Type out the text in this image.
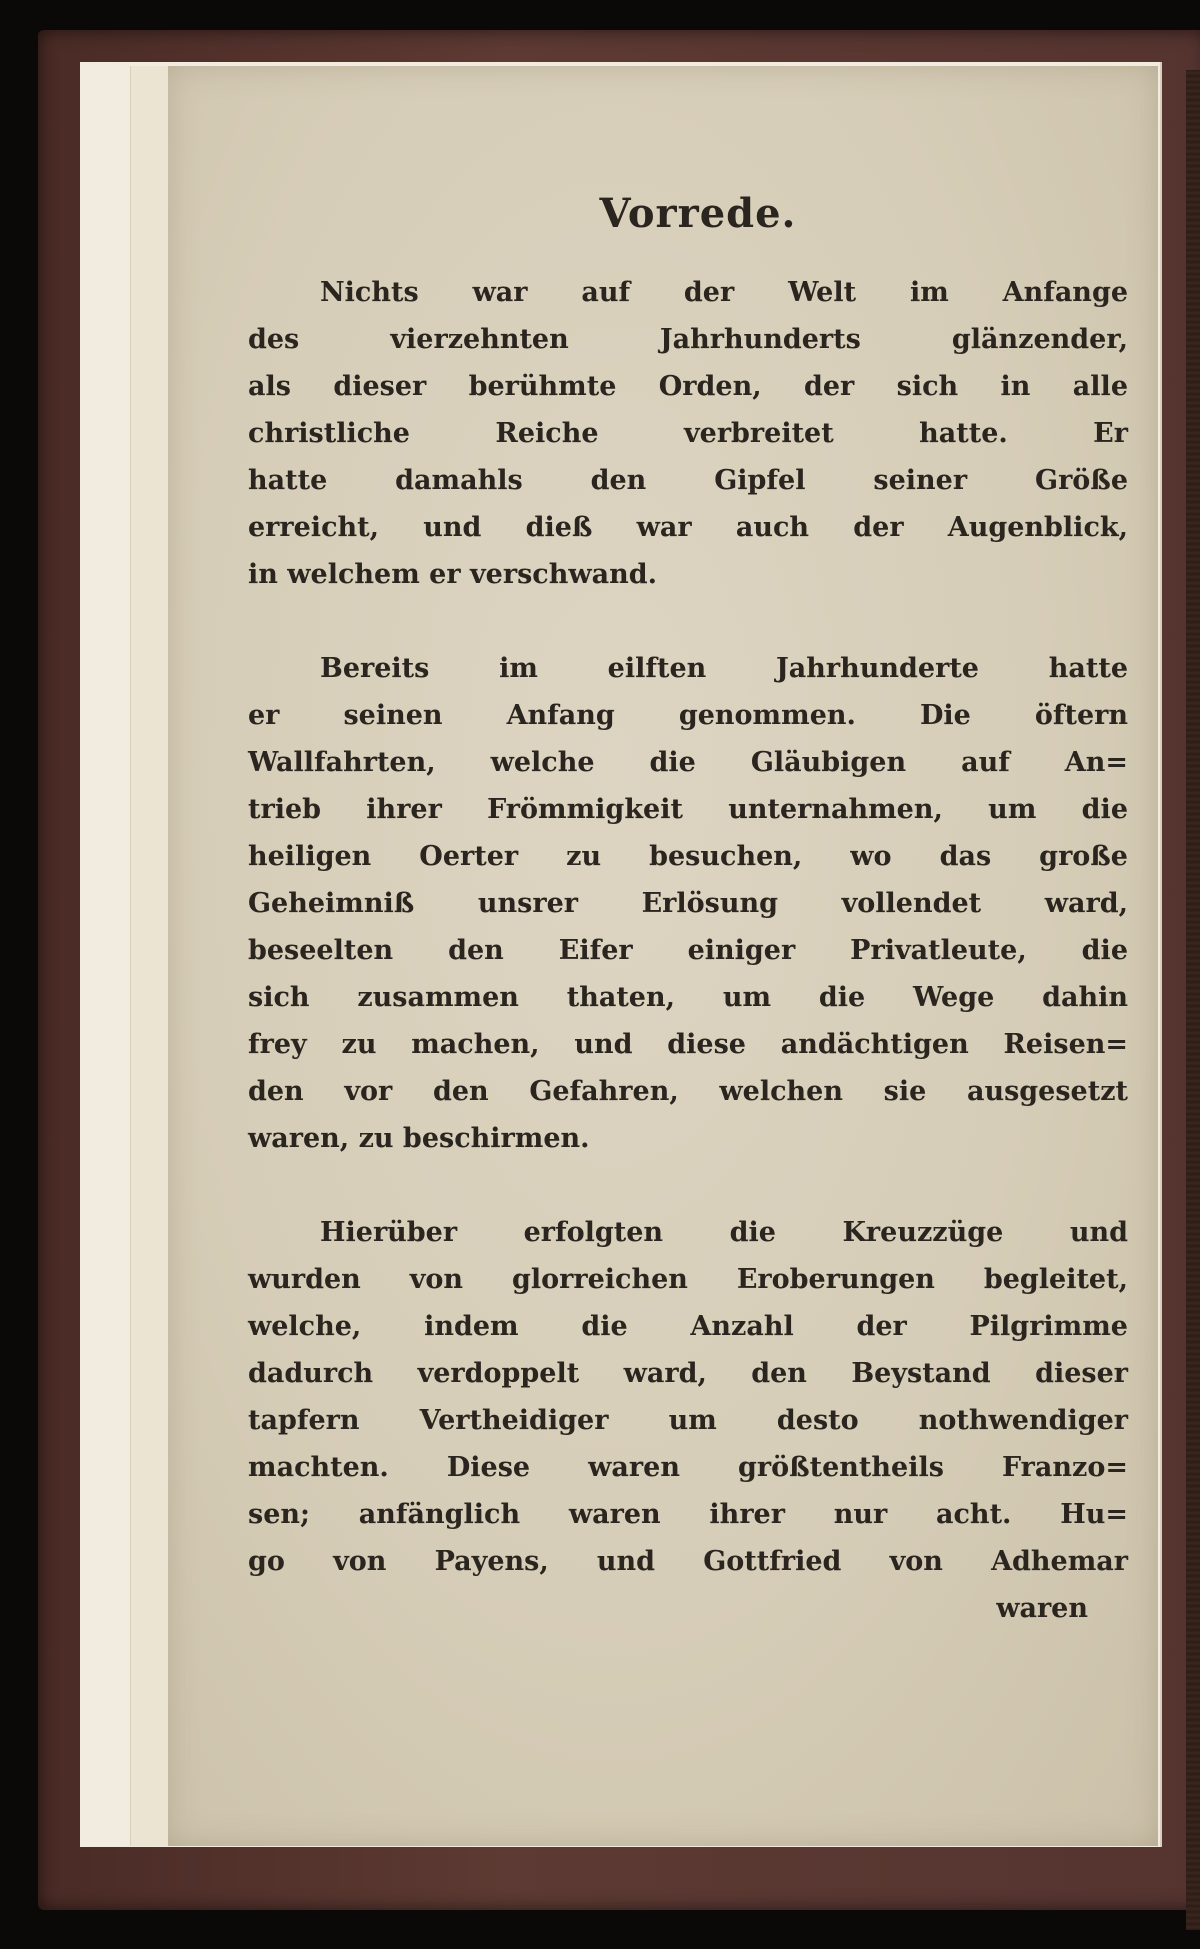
Vorrede.
Nichts war auf der Welt im Anfange
des vierzehnten Jahrhunderts glänzender,
als dieser berühmte Orden, der sich in alle
christliche Reiche verbreitet hatte. Er
hatte damahls den Gipfel seiner Größe
erreicht, und dieß war auch der Augenblick,
in welchem er verschwand.
Bereits im eilften Jahrhunderte hatte
er seinen Anfang genommen. Die öftern
Wallfahrten, welche die Gläubigen auf An=
trieb ihrer Frömmigkeit unternahmen, um die
heiligen Oerter zu besuchen, wo das große
Geheimniß unsrer Erlösung vollendet ward,
beseelten den Eifer einiger Privatleute, die
sich zusammen thaten, um die Wege dahin
frey zu machen, und diese andächtigen Reisen=
den vor den Gefahren, welchen sie ausgesetzt
waren, zu beschirmen.
Hierüber erfolgten die Kreuzzüge und
wurden von glorreichen Eroberungen begleitet,
welche, indem die Anzahl der Pilgrimme
dadurch verdoppelt ward, den Beystand dieser
tapfern Vertheidiger um desto nothwendiger
machten. Diese waren größtentheils Franzo=
sen; anfänglich waren ihrer nur acht. Hu=
go von Payens, und Gottfried von Adhemar
waren
